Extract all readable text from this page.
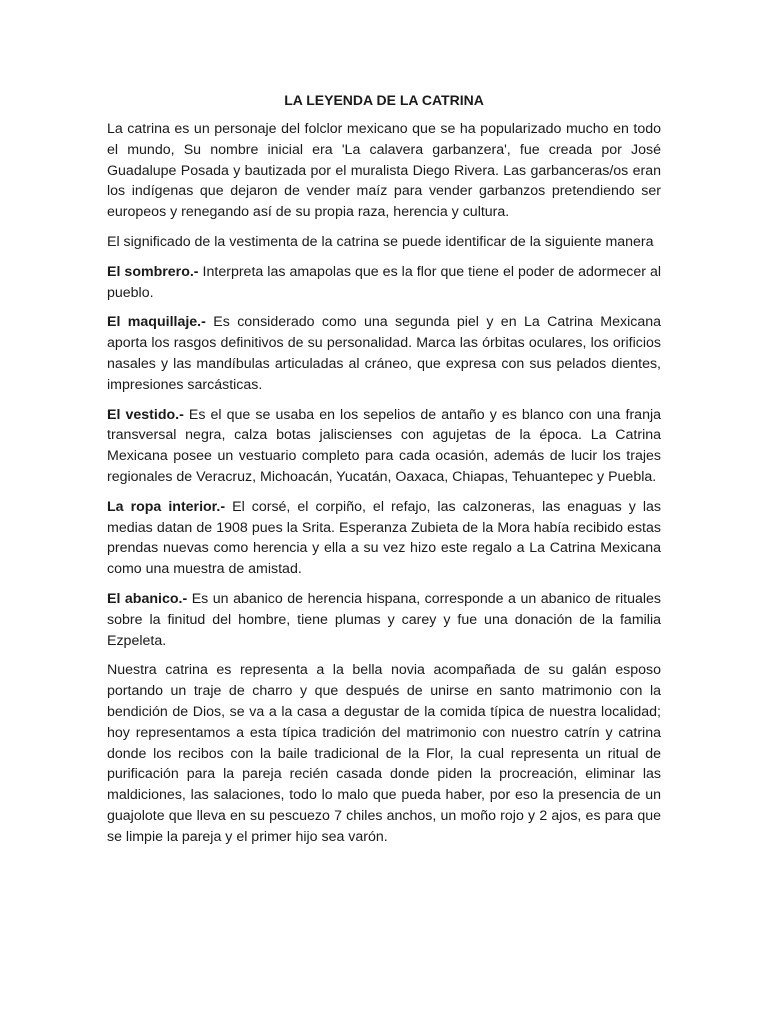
LA LEYENDA DE LA CATRINA

La catrina es un personaje del folclor mexicano que se ha popularizado mucho en todo el mundo, Su nombre inicial era 'La calavera garbanzera', fue creada por José Guadalupe Posada y bautizada por el muralista Diego Rivera. Las garbanceras/os eran los indígenas que dejaron de vender maíz para vender garbanzos pretendiendo ser europeos y renegando así de su propia raza, herencia y cultura.

El significado de la vestimenta de la catrina se puede identificar de la siguiente manera

El sombrero.- Interpreta las amapolas que es la flor que tiene el poder de adormecer al pueblo.

El maquillaje.- Es considerado como una segunda piel y en La Catrina Mexicana aporta los rasgos definitivos de su personalidad. Marca las órbitas oculares, los orificios nasales y las mandíbulas articuladas al cráneo, que expresa con sus pelados dientes, impresiones sarcásticas.

El vestido.- Es el que se usaba en los sepelios de antaño y es blanco con una franja transversal negra, calza botas jaliscienses con agujetas de la época. La Catrina Mexicana posee un vestuario completo para cada ocasión, además de lucir los trajes regionales de Veracruz, Michoacán, Yucatán, Oaxaca, Chiapas, Tehuantepec y Puebla.

La ropa interior.- El corsé, el corpiño, el refajo, las calzoneras, las enaguas y las medias datan de 1908 pues la Srita. Esperanza Zubieta de la Mora había recibido estas prendas nuevas como herencia y ella a su vez hizo este regalo a La Catrina Mexicana como una muestra de amistad.

El abanico.- Es un abanico de herencia hispana, corresponde a un abanico de rituales sobre la finitud del hombre, tiene plumas y carey y fue una donación de la familia Ezpeleta.

Nuestra catrina es representa a la bella novia acompañada de su galán esposo portando un traje de charro y que después de unirse en santo matrimonio con la bendición de Dios, se va a la casa a degustar de la comida típica de nuestra localidad; hoy representamos a esta típica tradición del matrimonio con nuestro catrín y catrina donde los recibos con la baile tradicional de la Flor, la cual representa un ritual de purificación para la pareja recién casada donde piden la procreación, eliminar las maldiciones, las salaciones, todo lo malo que pueda haber, por eso la presencia de un guajolote que lleva en su pescuezo 7 chiles anchos, un moño rojo y 2 ajos, es para que se limpie la pareja y el primer hijo sea varón.
